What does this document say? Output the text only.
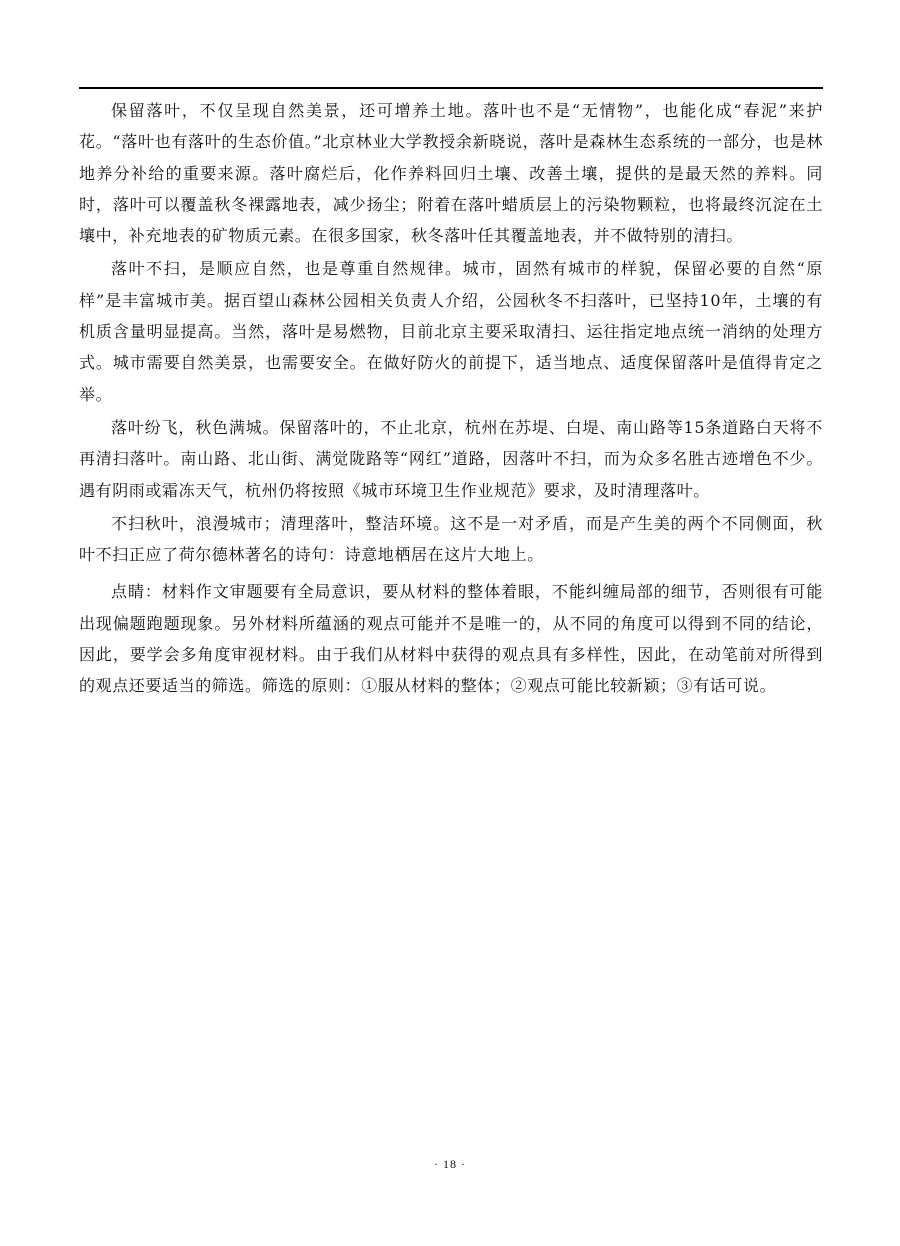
保留落叶，不仅呈现自然美景，还可增养土地。落叶也不是“无情物”，也能化成“春泥”来护花。“落叶也有落叶的生态价值。”北京林业大学教授余新晓说，落叶是森林生态系统的一部分，也是林地养分补给的重要来源。落叶腐烂后，化作养料回归土壤、改善土壤，提供的是最天然的养料。同时，落叶可以覆盖秋冬裸露地表，减少扬尘；附着在落叶蜡质层上的污染物颗粒，也将最终沉淀在土壤中，补充地表的矿物质元素。在很多国家，秋冬落叶任其覆盖地表，并不做特别的清扫。

落叶不扫，是顺应自然，也是尊重自然规律。城市，固然有城市的样貌，保留必要的自然“原样”是丰富城市美。据百望山森林公园相关负责人介绍，公园秋冬不扫落叶，已坚持10年，土壤的有机质含量明显提高。当然，落叶是易燃物，目前北京主要采取清扫、运往指定地点统一消纳的处理方式。城市需要自然美景，也需要安全。在做好防火的前提下，适当地点、适度保留落叶是值得肯定之举。

落叶纷飞，秋色满城。保留落叶的，不止北京，杭州在苏堤、白堤、南山路等15条道路白天将不再清扫落叶。南山路、北山街、满觉陇路等“网红”道路，因落叶不扫，而为众多名胜古迹增色不少。遇有阴雨或霜冻天气，杭州仍将按照《城市环境卫生作业规范》要求，及时清理落叶。

不扫秋叶，浪漫城市；清理落叶，整洁环境。这不是一对矛盾，而是产生美的两个不同侧面，秋叶不扫正应了荷尔德林著名的诗句：诗意地栖居在这片大地上。

点睛：材料作文审题要有全局意识，要从材料的整体着眼，不能纠缠局部的细节，否则很有可能出现偏题跑题现象。另外材料所蕴涵的观点可能并不是唯一的，从不同的角度可以得到不同的结论，因此，要学会多角度审视材料。由于我们从材料中获得的观点具有多样性，因此，在动笔前对所得到的观点还要适当的筛选。筛选的原则：①服从材料的整体；②观点可能比较新颖；③有话可说。

· 18 ·
